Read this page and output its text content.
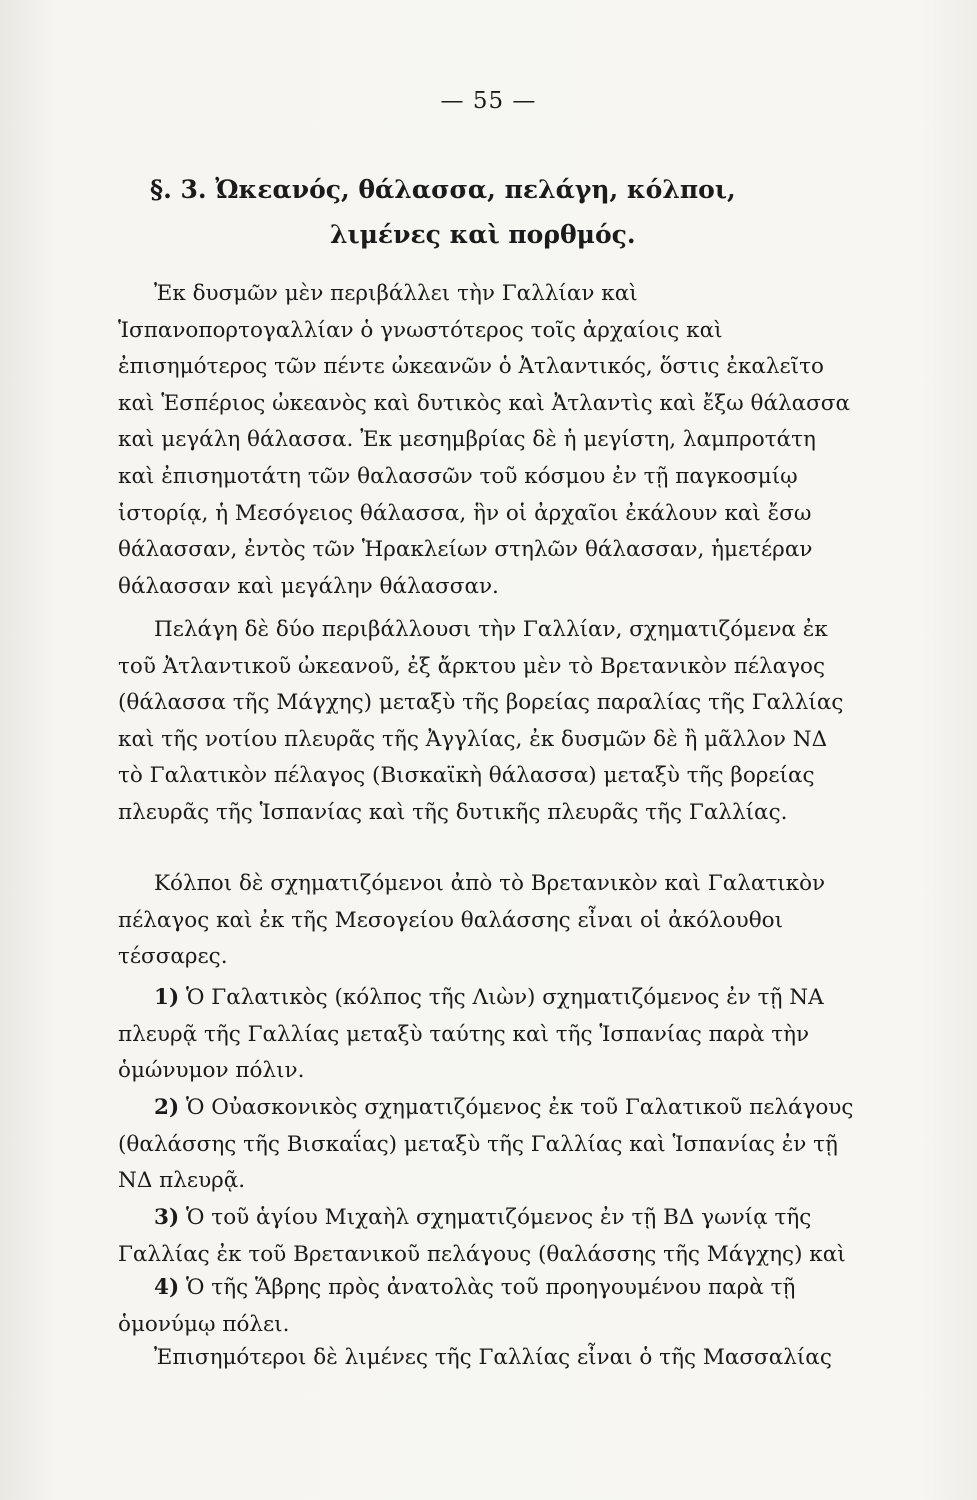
— 55 —
§. 3. Ὠκεανός, θάλασσα, πελάγη, κόλποι,
λιμένες καὶ πορθμός.

Ἐκ δυσμῶν μὲν περιβάλλει τὴν Γαλλίαν καὶ Ἱσπανοπορτογαλλίαν ὁ γνωστότερος τοῖς ἀρχαίοις καὶ ἐπισημότερος τῶν πέντε ὠκεανῶν ὁ Ἀτλαντικός, ὅστις ἐκαλεῖτο καὶ Ἑσπέριος ὠκεανὸς καὶ δυτικὸς καὶ Ἀτλαντὶς καὶ ἔξω θάλασσα καὶ μεγάλη θάλασσα. Ἐκ μεσημβρίας δὲ ἡ μεγίστη, λαμπροτάτη καὶ ἐπισημοτάτη τῶν θαλασσῶν τοῦ κόσμου ἐν τῇ παγκοσμίῳ ἱστορίᾳ, ἡ Μεσόγειος θάλασσα, ἣν οἱ ἀρχαῖοι ἐκάλουν καὶ ἔσω θάλασσαν, ἐντὸς τῶν Ἡρακλείων στηλῶν θάλασσαν, ἡμετέραν θάλασσαν καὶ μεγάλην θάλασσαν.

Πελάγη δὲ δύο περιβάλλουσι τὴν Γαλλίαν, σχηματιζόμενα ἐκ τοῦ Ἀτλαντικοῦ ὠκεανοῦ, ἐξ ἄρκτου μὲν τὸ Βρετανικὸν πέλαγος (θάλασσα τῆς Μάγχης) μεταξὺ τῆς βορείας παραλίας τῆς Γαλλίας καὶ τῆς νοτίου πλευρᾶς τῆς Ἀγγλίας, ἐκ δυσμῶν δὲ ἢ μᾶλλον ΝΔ τὸ Γαλατικὸν πέλαγος (Βισκαϊκὴ θάλασσα) μεταξὺ τῆς βορείας πλευρᾶς τῆς Ἱσπανίας καὶ τῆς δυτικῆς πλευρᾶς τῆς Γαλλίας.

Κόλποι δὲ σχηματιζόμενοι ἀπὸ τὸ Βρετανικὸν καὶ Γαλατικὸν πέλαγος καὶ ἐκ τῆς Μεσογείου θαλάσσης εἶναι οἱ ἀκόλουθοι τέσσαρες.

1) Ὁ Γαλατικὸς (κόλπος τῆς Λιὼν) σχηματιζόμενος ἐν τῇ ΝΑ πλευρᾷ τῆς Γαλλίας μεταξὺ ταύτης καὶ τῆς Ἱσπανίας παρὰ τὴν ὁμώνυμον πόλιν.

2) Ὁ Οὐασκονικὸς σχηματιζόμενος ἐκ τοῦ Γαλατικοῦ πελάγους (θαλάσσης τῆς Βισκαΐας) μεταξὺ τῆς Γαλλίας καὶ Ἱσπανίας ἐν τῇ ΝΔ πλευρᾷ.

3) Ὁ τοῦ ἁγίου Μιχαὴλ σχηματιζόμενος ἐν τῇ ΒΔ γωνίᾳ τῆς Γαλλίας ἐκ τοῦ Βρετανικοῦ πελάγους (θαλάσσης τῆς Μάγχης) καὶ

4) Ὁ τῆς Ἅβρης πρὸς ἀνατολὰς τοῦ προηγουμένου παρὰ τῇ ὁμονύμῳ πόλει.

Ἐπισημότεροι δὲ λιμένες τῆς Γαλλίας εἶναι ὁ τῆς Μασσαλίας
